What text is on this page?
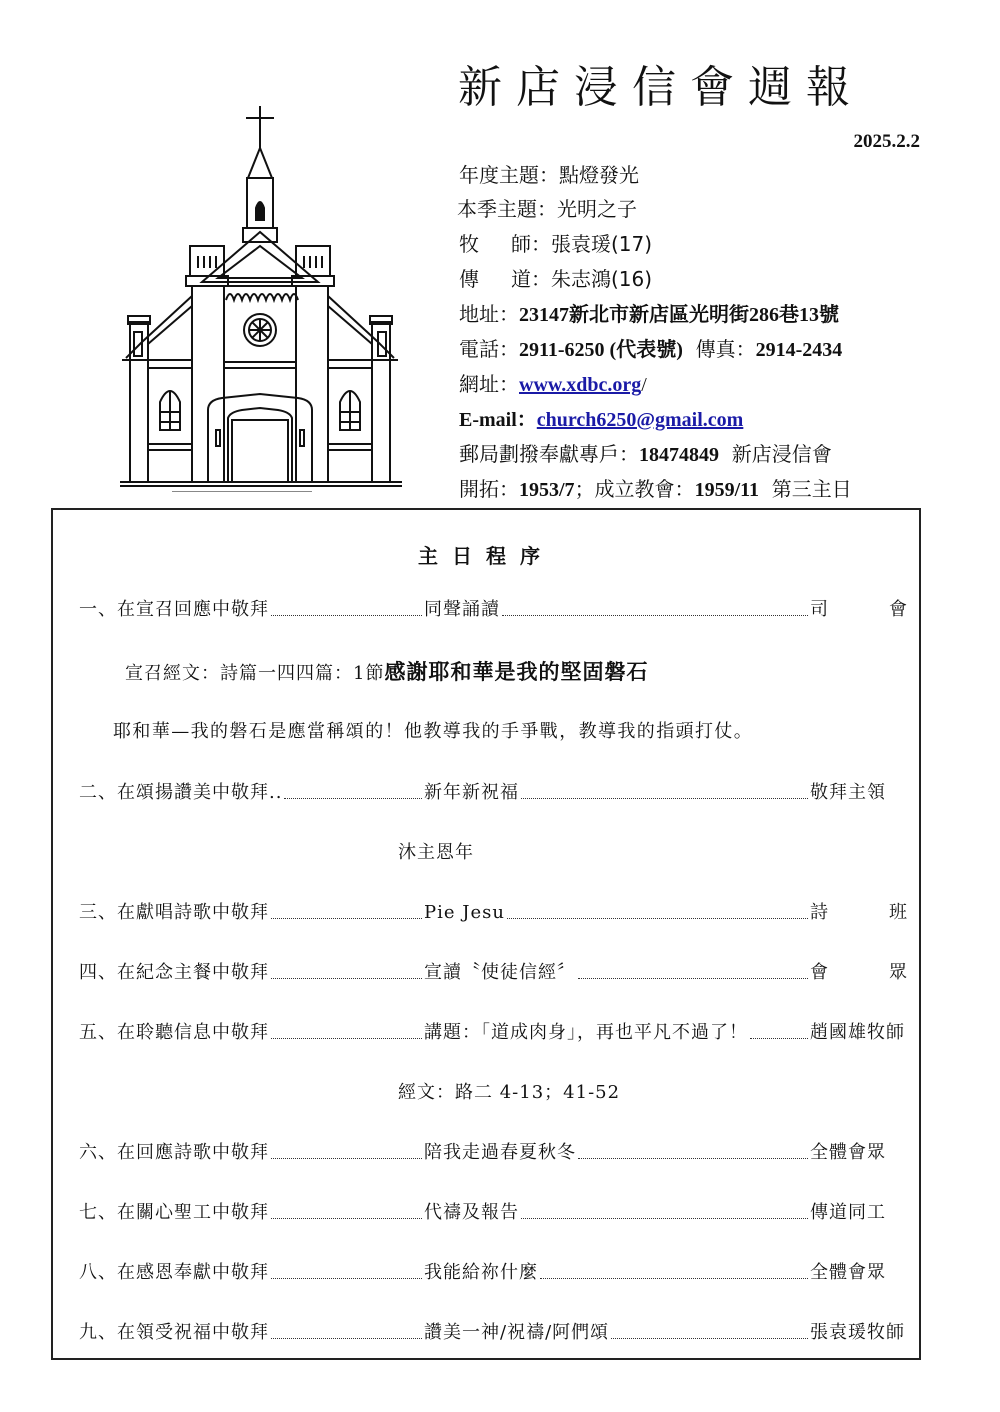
新店浸信會週報
2025.2.2
年度主題：點燈發光
本季主題：光明之子
牧 師：張袁瑗(17)
傳 道：朱志鴻(16)
地址：23147新北市新店區光明街286巷13號
電話：2911-6250 (代表號) 傳真：2914-2434
網址：www.xdbc.org/
E-mail：church6250@gmail.com
郵局劃撥奉獻專戶：18474849 新店浸信會
開拓：1953/7；成立教會：1959/11 第三主日
主日程序
宣召經文：詩篇一四四篇：1節感謝耶和華是我的堅固磐石
耶和華—我的磐石是應當稱頌的！他教導我的手爭戰，教導我的指頭打仗。
一、在宣召回應中敬拜	同聲誦讀	司　會
二、在頌揚讚美中敬拜..	新年新祝福	敬拜主領
三、在獻唱詩歌中敬拜	Pie Jesu	詩　班
四、在紀念主餐中敬拜	宣讀〝使徒信經〞	會　眾
五、在聆聽信息中敬拜	講題：「道成肉身」，再也平凡不過了！	趙國雄牧師
六、在回應詩歌中敬拜	陪我走過春夏秋冬	全體會眾
七、在關心聖工中敬拜	代禱及報告	傳道同工
八、在感恩奉獻中敬拜	我能給祢什麼	全體會眾
九、在領受祝福中敬拜	讚美一神/祝禱/阿們頌	張袁瑗牧師
沐主恩年
經文：路二 4-13；41-52
